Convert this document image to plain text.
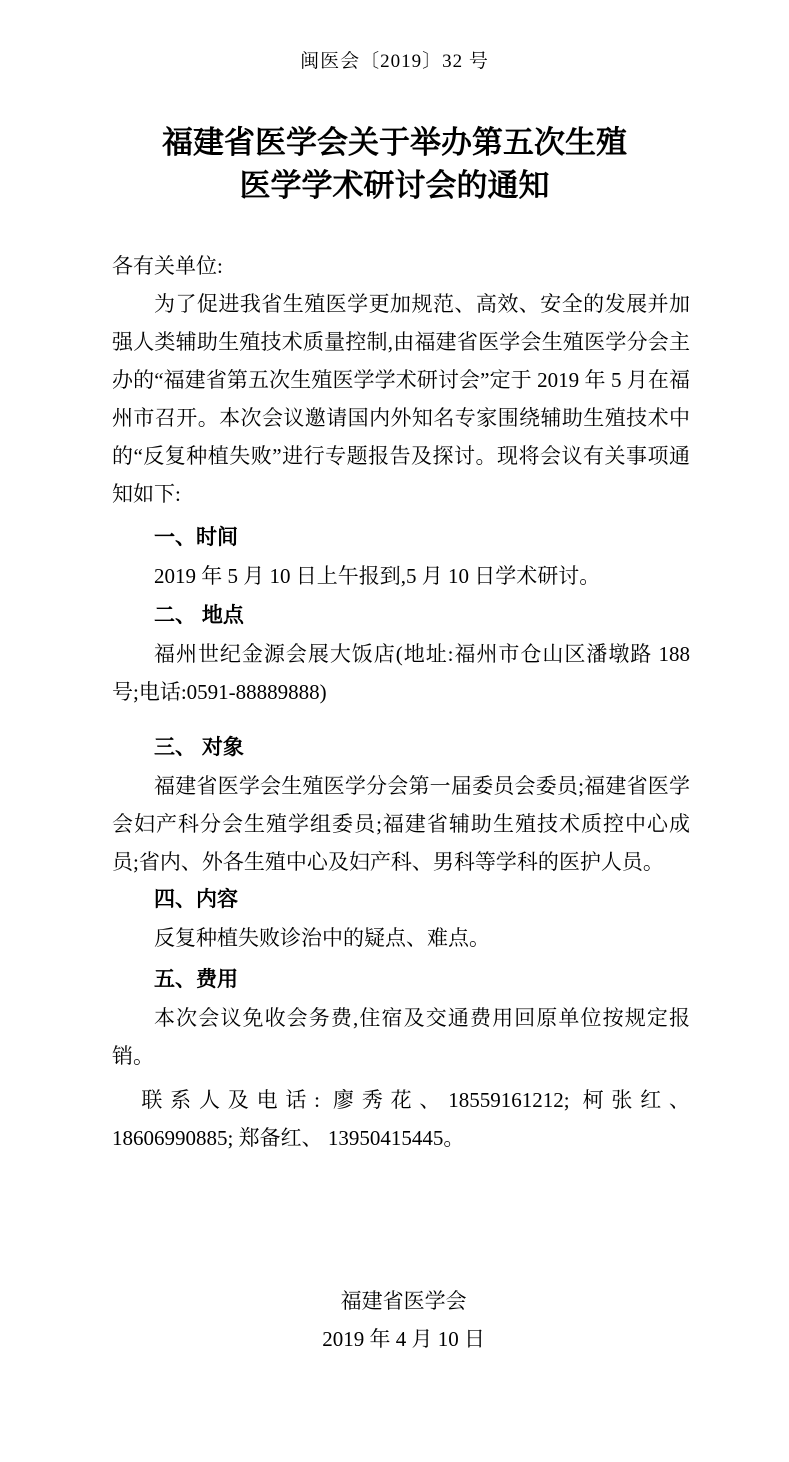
闽医会〔2019〕32 号
福建省医学会关于举办第五次生殖
医学学术研讨会的通知

各有关单位:

为了促进我省生殖医学更加规范、高效、安全的发展并加强人类辅助生殖技术质量控制,由福建省医学会生殖医学分会主办的“福建省第五次生殖医学学术研讨会”定于 2019 年 5 月在福州市召开。本次会议邀请国内外知名专家围绕辅助生殖技术中的“反复种植失败”进行专题报告及探讨。现将会议有关事项通知如下:

一、时间

2019 年 5 月 10 日上午报到,5 月 10 日学术研讨。

二、 地点

福州世纪金源会展大饭店(地址:福州市仓山区潘墩路 188 号;电话:0591-88889888)

三、 对象

福建省医学会生殖医学分会第一届委员会委员;福建省医学会妇产科分会生殖学组委员;福建省辅助生殖技术质控中心成员;省内、外各生殖中心及妇产科、男科等学科的医护人员。

四、内容

反复种植失败诊治中的疑点、难点。

五、费用

本次会议免收会务费,住宿及交通费用回原单位按规定报销。

联系人及电话: 廖秀花、18559161212; 柯张红、18606990885; 郑备红、 13950415445。

福建省医学会
2019 年 4 月 10 日
